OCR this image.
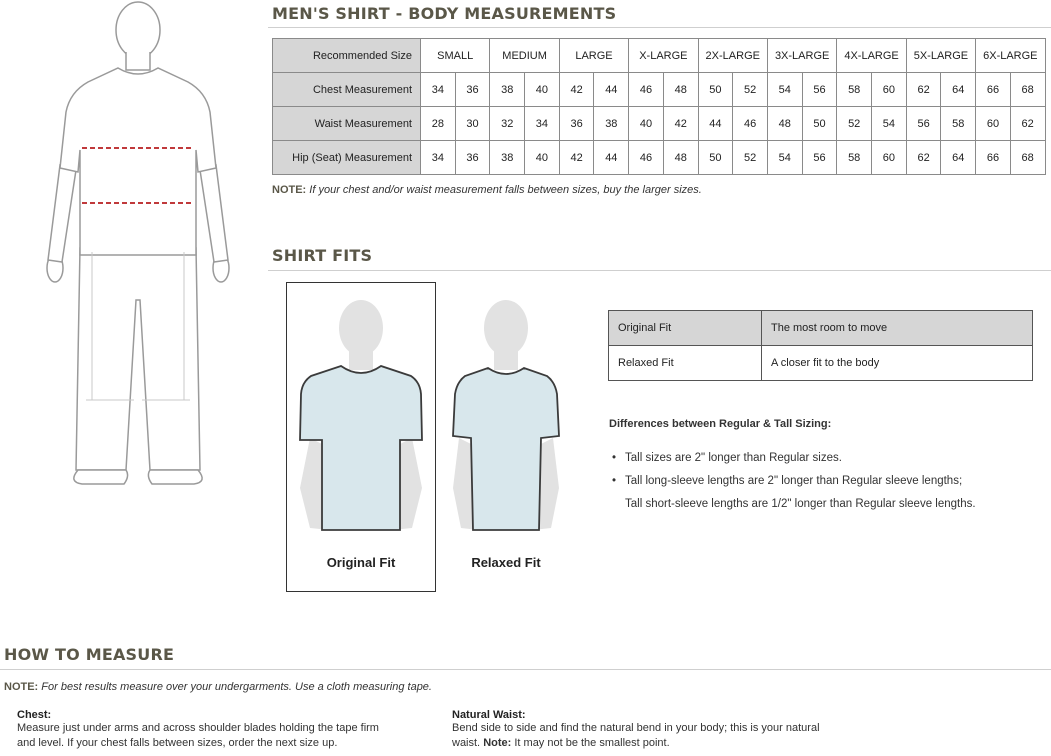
MEN'S SHIRT - BODY MEASUREMENTS
Recommended Size	SMALL		MEDIUM		LARGE		X-LARGE		2X-LARGE		3X-LARGE		4X-LARGE		5X-LARGE		6X-LARGE	
Chest Measurement	34	36	38	40	42	44	46	48	50	52	54	56	58	60	62	64	66	68
Waist Measurement	28	30	32	34	36	38	40	42	44	46	48	50	52	54	56	58	60	62
Hip (Seat) Measurement	34	36	38	40	42	44	46	48	50	52	54	56	58	60	62	64	66	68
NOTE: If your chest and/or waist measurement falls between sizes, buy the larger sizes.
SHIRT FITS
Original Fit	Relaxed Fit
Original Fit	The most room to move
Relaxed Fit	A closer fit to the body
Differences between Regular & Tall Sizing:
• Tall sizes are 2" longer than Regular sizes.
• Tall long-sleeve lengths are 2" longer than Regular sleeve lengths;
Tall short-sleeve lengths are 1/2" longer than Regular sleeve lengths.
HOW TO MEASURE
NOTE: For best results measure over your undergarments. Use a cloth measuring tape.
Chest:
Measure just under arms and across shoulder blades holding the tape firm
and level. If your chest falls between sizes, order the next size up.
Natural Waist:
Bend side to side and find the natural bend in your body; this is your natural
waist. Note: It may not be the smallest point.
